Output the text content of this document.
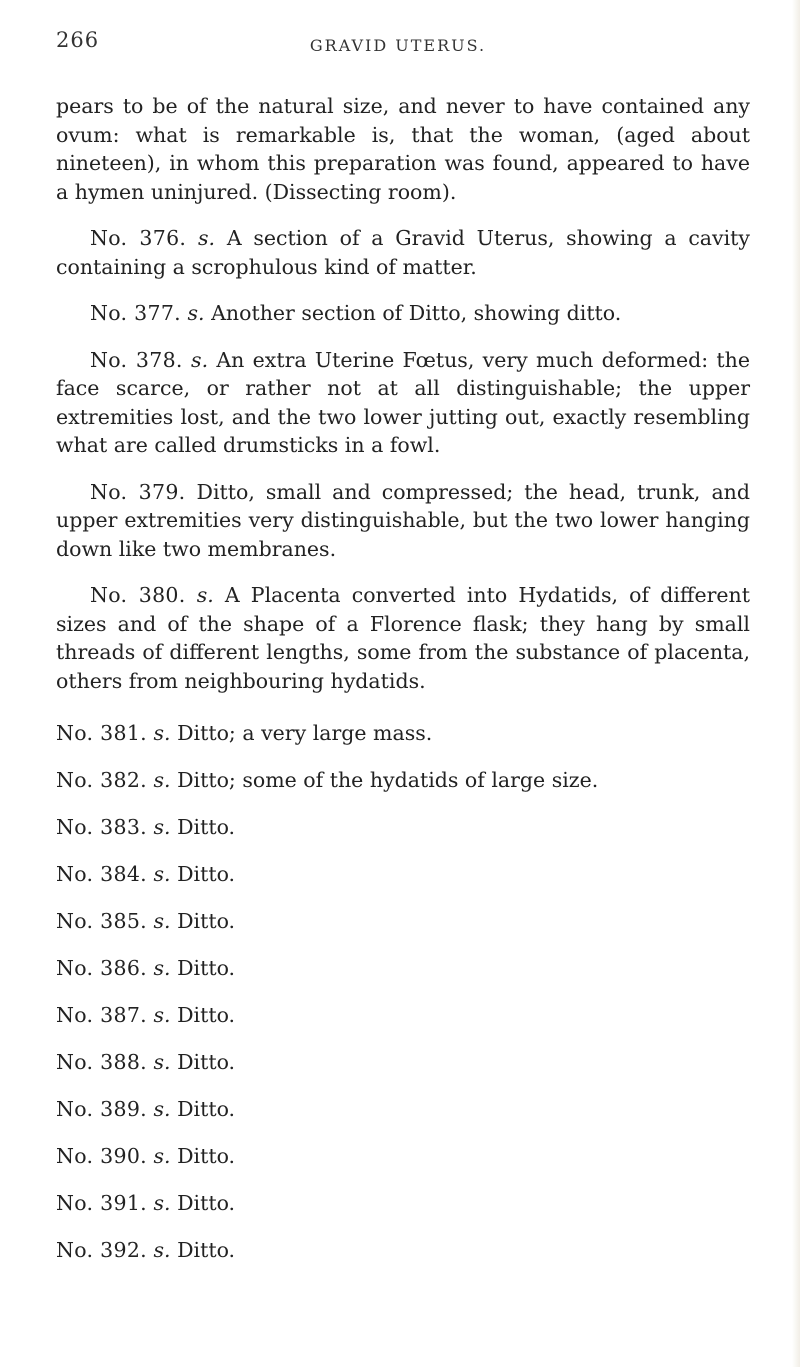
266	GRAVID UTERUS.

pears to be of the natural size, and never to have contained any ovum: what is remarkable is, that the woman, (aged about nineteen), in whom this preparation was found, appeared to have a hymen uninjured. (Dissecting room).

No. 376. s. A section of a Gravid Uterus, showing a cavity containing a scrophulous kind of matter.

No. 377. s. Another section of Ditto, showing ditto.

No. 378. s. An extra Uterine Fœtus, very much deformed: the face scarce, or rather not at all distinguishable; the upper extremities lost, and the two lower jutting out, exactly resembling what are called drumsticks in a fowl.

No. 379. Ditto, small and compressed; the head, trunk, and upper extremities very distinguishable, but the two lower hanging down like two membranes.

No. 380. s. A Placenta converted into Hydatids, of different sizes and of the shape of a Florence flask; they hang by small threads of different lengths, some from the substance of placenta, others from neighbouring hydatids.

No. 381. s. Ditto; a very large mass.
No. 382. s. Ditto; some of the hydatids of large size.
No. 383. s. Ditto.
No. 384. s. Ditto.
No. 385. s. Ditto.
No. 386. s. Ditto.
No. 387. s. Ditto.
No. 388. s. Ditto.
No. 389. s. Ditto.
No. 390. s. Ditto.
No. 391. s. Ditto.
No. 392. s. Ditto.
